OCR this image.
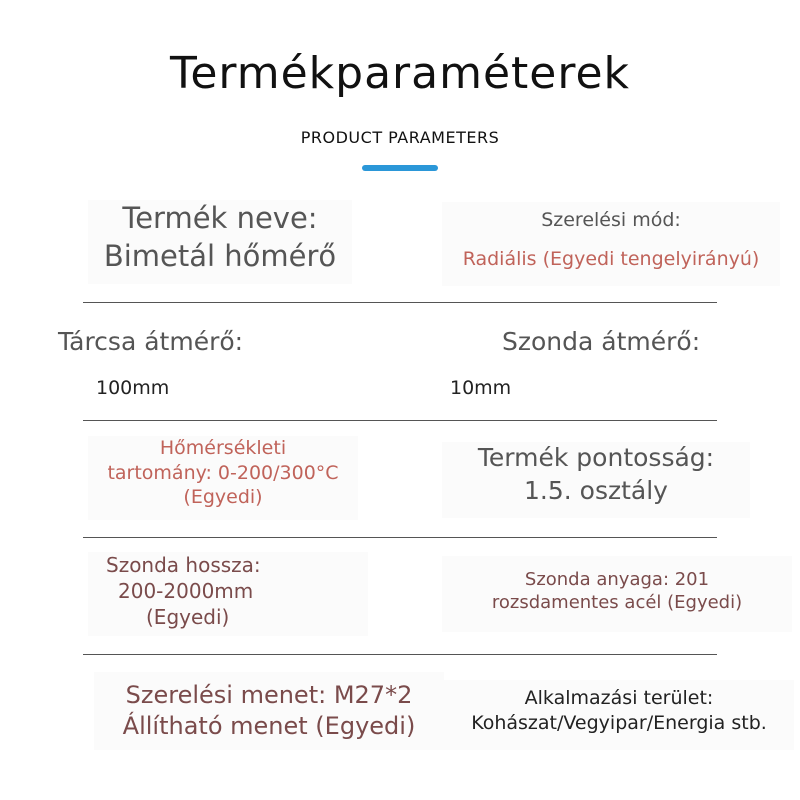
Termékparaméterek
PRODUCT PARAMETERS
Termék neve:
Bimetál hőmérő
Szerelési mód:
Radiális (Egyedi tengelyirányú)
Tárcsa átmérő:
100mm
Szonda átmérő:
10mm
Hőmérsékleti
tartomány: 0-200/300°C
(Egyedi)
Termék pontosság:
1.5. osztály
Szonda hossza:
200-2000mm
(Egyedi)
Szonda anyaga: 201
rozsdamentes acél (Egyedi)
Szerelési menet: M27*2
Állítható menet (Egyedi)
Alkalmazási terület:
Kohászat/Vegyipar/Energia stb.
